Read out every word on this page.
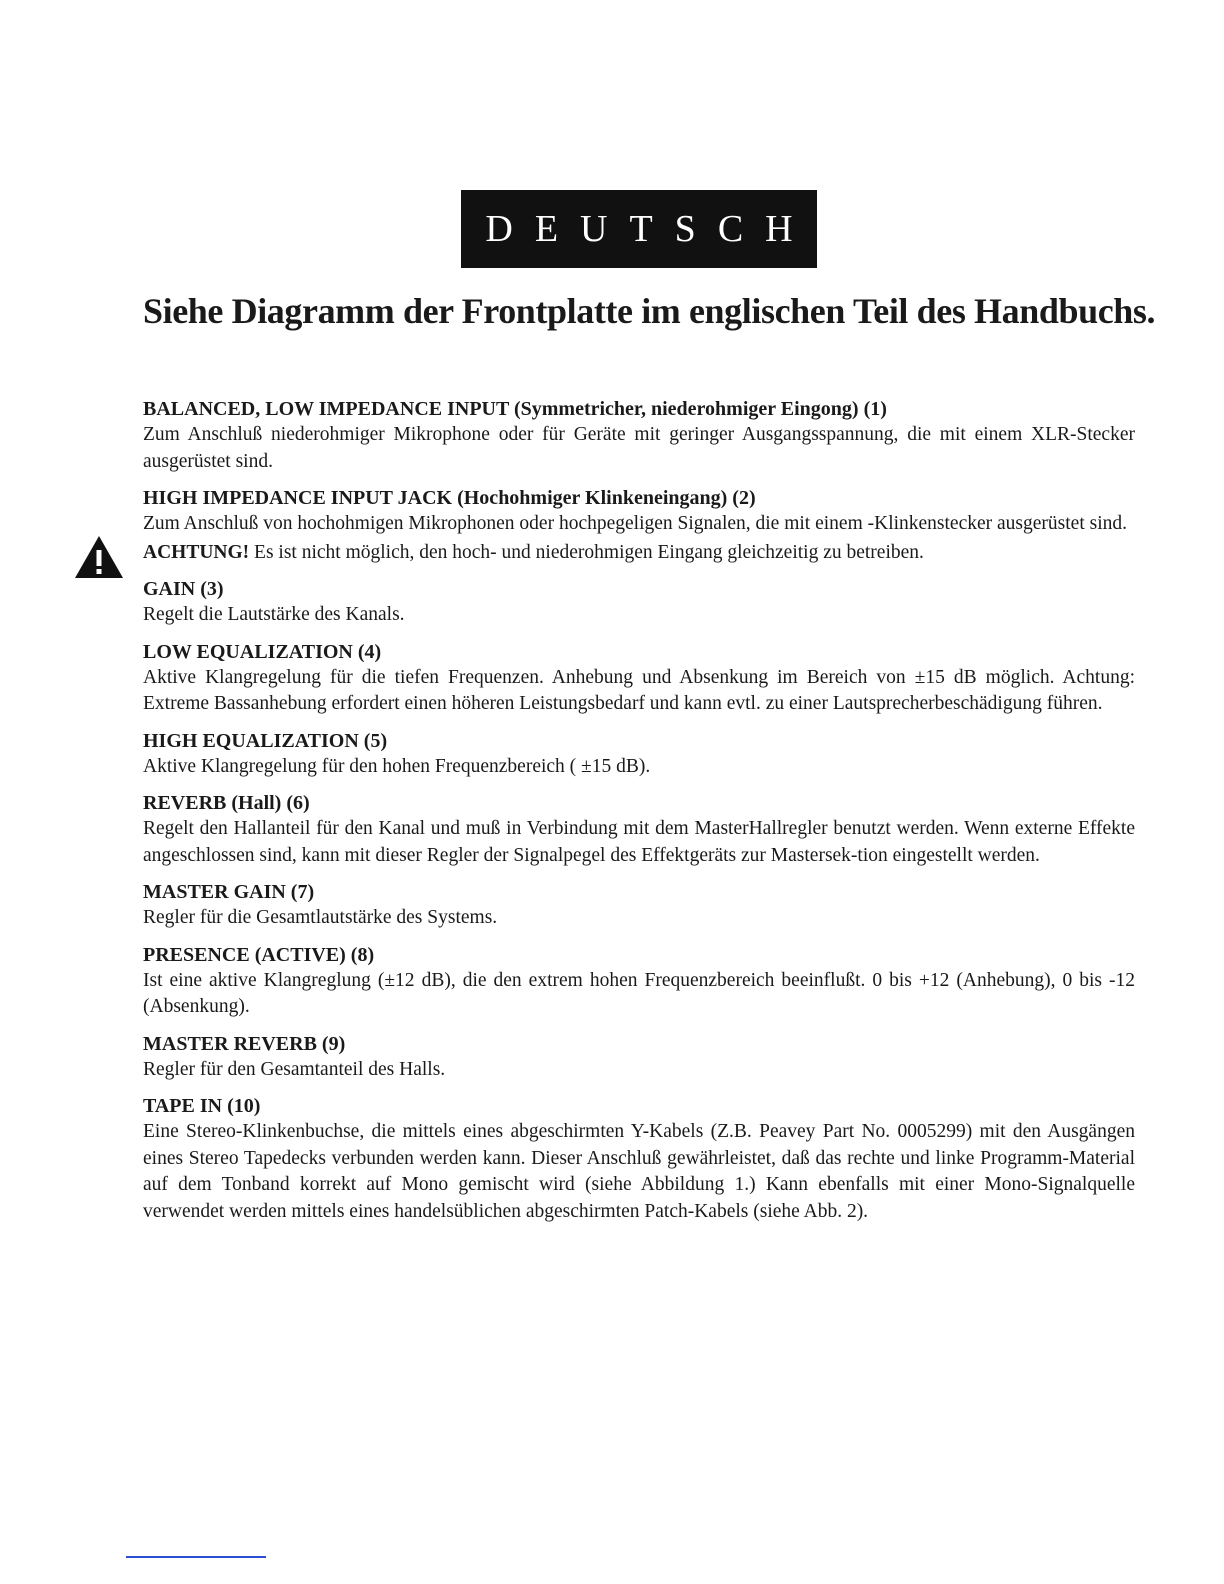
DEUTSCH
Siehe Diagramm der Frontplatte im englischen Teil des Handbuchs.

BALANCED, LOW IMPEDANCE INPUT (Symmetricher, niederohmiger Eingong) (1)

Zum Anschluß niederohmiger Mikrophone oder für Geräte mit geringer Ausgangsspannung, die mit einem XLR-Stecker ausgerüstet sind.

HIGH IMPEDANCE INPUT JACK (Hochohmiger Klinkeneingang) (2)

Zum Anschluß von hochohmigen Mikrophonen oder hochpegeligen Signalen, die mit einem -Klinkenstecker ausgerüstet sind.

ACHTUNG! Es ist nicht möglich, den hoch- und niederohmigen Eingang gleichzeitig zu betreiben.

GAIN (3)

Regelt die Lautstärke des Kanals.

LOW EQUALIZATION (4)

Aktive Klangregelung für die tiefen Frequenzen. Anhebung und Absenkung im Bereich von ±15 dB möglich. Achtung: Extreme Bassanhebung erfordert einen höheren Leistungsbedarf und kann evtl. zu einer Lautsprecherbeschädigung führen.

HIGH EQUALIZATION (5)

Aktive Klangregelung für den hohen Frequenzbereich ( ±15 dB).

REVERB (Hall) (6)

Regelt den Hallanteil für den Kanal und muß in Verbindung mit dem MasterHallregler benutzt werden. Wenn externe Effekte angeschlossen sind, kann mit dieser Regler der Signalpegel des Effektgeräts zur Mastersek-tion eingestellt werden.

MASTER GAIN (7)

Regler für die Gesamtlautstärke des Systems.

PRESENCE (ACTIVE) (8)

Ist eine aktive Klangreglung (±12 dB), die den extrem hohen Frequenzbereich beeinflußt. 0 bis +12 (Anhebung), 0 bis -12 (Absenkung).

MASTER REVERB (9)

Regler für den Gesamtanteil des Halls.

TAPE IN (10)

Eine Stereo-Klinkenbuchse, die mittels eines abgeschirmten Y-Kabels (Z.B. Peavey Part No. 0005299) mit den Ausgängen eines Stereo Tapedecks verbunden werden kann. Dieser Anschluß gewährleistet, daß das rechte und linke Programm-Material auf dem Tonband korrekt auf Mono gemischt wird (siehe Abbildung 1.) Kann ebenfalls mit einer Mono-Signalquelle verwendet werden mittels eines handelsüblichen abgeschirmten Patch-Kabels (siehe Abb. 2).
